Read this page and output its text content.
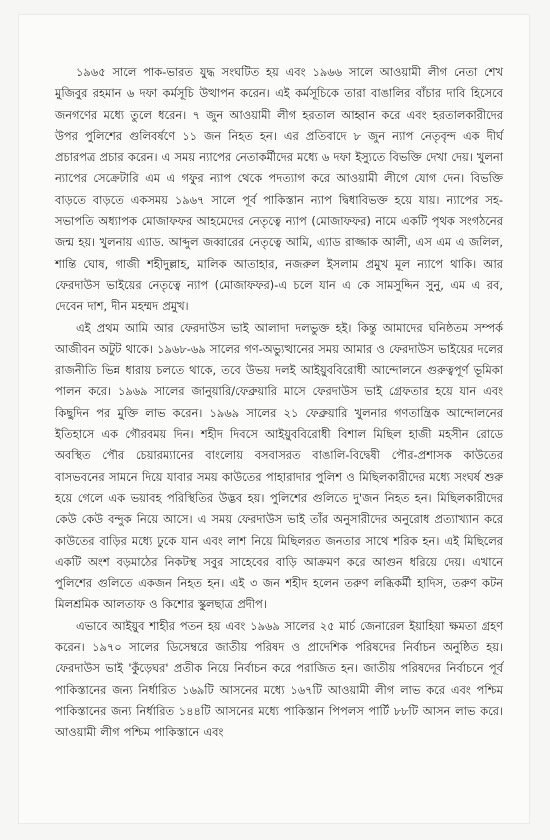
১৯৬৫ সালে পাক-ভারত যুদ্ধ সংঘটিত হয় এবং ১৯৬৬ সালে আওয়ামী লীগ নেতা শেখ মুজিবুর রহমান ৬ দফা কর্মসূচি উত্থাপন করেন। এই কর্মসূচিকে তারা বাঙালির বাঁচার দাবি হিসেবে জনগণের মধ্যে তুলে ধরেন। ৭ জুন আওয়ামী লীগ হরতাল আহ্বান করে এবং হরতালকারীদের উপর পুলিশের গুলিবর্ষণে ১১ জন নিহত হন। এর প্রতিবাদে ৮ জুন ন্যাপ নেতৃবৃন্দ এক দীর্ঘ প্রচারপত্র প্রচার করেন। এ সময় ন্যাপের নেতাকর্মীদের মধ্যে ৬ দফা ইস্যুতে বিভক্তি দেখা দেয়। খুলনা ন্যাপের সেক্রেটারি এম এ গফুর ন্যাপ থেকে পদত্যাগ করে আওয়ামী লীগে যোগ দেন। বিভক্তি বাড়তে বাড়তে একসময় ১৯৬৭ সালে পূর্ব পাকিস্তান ন্যাপ দ্বিধাবিভক্ত হয়ে যায়। ন্যাপের সহ-সভাপতি অধ্যাপক মোজাফফর আহমেদের নেতৃত্বে ন্যাপ (মোজাফফর) নামে একটি পৃথক সংগঠনের জন্ম হয়। খুলনায় এ্যাড. আব্দুল জব্বারের নেতৃত্বে আমি, এ্যাড রাজ্জাক আলী, এস এম এ জলিল, শান্তি ঘোষ, গাজী শহীদুল্লাহ, মালিক আতাহার, নজরুল ইসলাম প্রমুখ মূল ন্যাপে থাকি। আর ফেরদাউস ভাইয়ের নেতৃত্বে ন্যাপ (মোজাফফর)-এ চলে যান এ কে সামসুদ্দিন সুনু, এম এ রব, দেবেন দাশ, দীন মহম্মদ প্রমুখ।

এই প্রথম আমি আর ফেরদাউস ভাই আলাদা দলভুক্ত হই। কিন্তু আমাদের ঘনিষ্ঠতম সম্পর্ক আজীবন অটুট থাকে। ১৯৬৮-৬৯ সালের গণ-অভ্যুত্থানের সময় আমার ও ফেরদাউস ভাইয়ের দলের রাজনীতি ভিন্ন ধারায় চলতে থাকে, তবে উভয় দলই আইয়ুববিরোধী আন্দোলনে গুরুত্বপূর্ণ ভূমিকা পালন করে। ১৯৬৯ সালের জানুয়ারি/ফেব্রুয়ারি মাসে ফেরদাউস ভাই গ্রেফতার হয়ে যান এবং কিছুদিন পর মুক্তি লাভ করেন। ১৯৬৯ সালের ২১ ফেব্রুয়ারি খুলনার গণতান্ত্রিক আন্দোলনের ইতিহাসে এক গৌরবময় দিন। শহীদ দিবসে আইয়ুববিরোধী বিশাল মিছিল হাজী মহসীন রোডে অবস্থিত পৌর চেয়ারম্যানের বাংলোয় বসবাসরত বাঙালি-বিদ্বেষী পৌর-প্রশাসক কাউতের বাসভবনের সামনে দিয়ে যাবার সময় কাউতের পাহারাদার পুলিশ ও মিছিলকারীদের মধ্যে সংঘর্ষ শুরু হয়ে গেলে এক ভয়াবহ পরিস্থিতির উদ্ভব হয়। পুলিশের গুলিতে দু'জন নিহত হন। মিছিলকারীদের কেউ কেউ বন্দুক নিয়ে আসে। এ সময় ফেরদাউস ভাই তাঁর অনুসারীদের অনুরোধ প্রত্যাখ্যান করে কাউতের বাড়ির মধ্যে ঢুকে যান এবং লাশ নিয়ে মিছিলরত জনতার সাথে শরিক হন। এই মিছিলের একটি অংশ বড়মাঠের নিকটস্থ সবুর সাহেবের বাড়ি আক্রমণ করে আগুন ধরিয়ে দেয়। এখানে পুলিশের গুলিতে একজন নিহত হন। এই ৩ জন শহীদ হলেন তরুণ লব্ধিকর্মী হাদিস, তরুণ কটন মিলশ্রমিক আলতাফ ও কিশোর স্কুলছাত্র প্রদীপ।

এভাবে আইয়ুব শাহীর পতন হয় এবং ১৯৬৯ সালের ২৫ মার্চ জেনারেল ইয়াহিয়া ক্ষমতা গ্রহণ করেন। ১৯৭০ সালের ডিসেম্বরে জাতীয় পরিষদ ও প্রাদেশিক পরিষদের নির্বাচন অনুষ্ঠিত হয়। ফেরদাউস ভাই 'কুঁড়েঘর' প্রতীক নিয়ে নির্বাচন করে পরাজিত হন। জাতীয় পরিষদের নির্বাচনে পূর্ব পাকিস্তানের জন্য নির্ধারিত ১৬৯টি আসনের মধ্যে ১৬৭টি আওয়ামী লীগ লাভ করে এবং পশ্চিম পাকিস্তানের জন্য নির্ধারিত ১৪৪টি আসনের মধ্যে পাকিস্তান পিপলস পার্টি ৮৮টি আসন লাভ করে। আওয়ামী লীগ পশ্চিম পাকিস্তানে এবং
